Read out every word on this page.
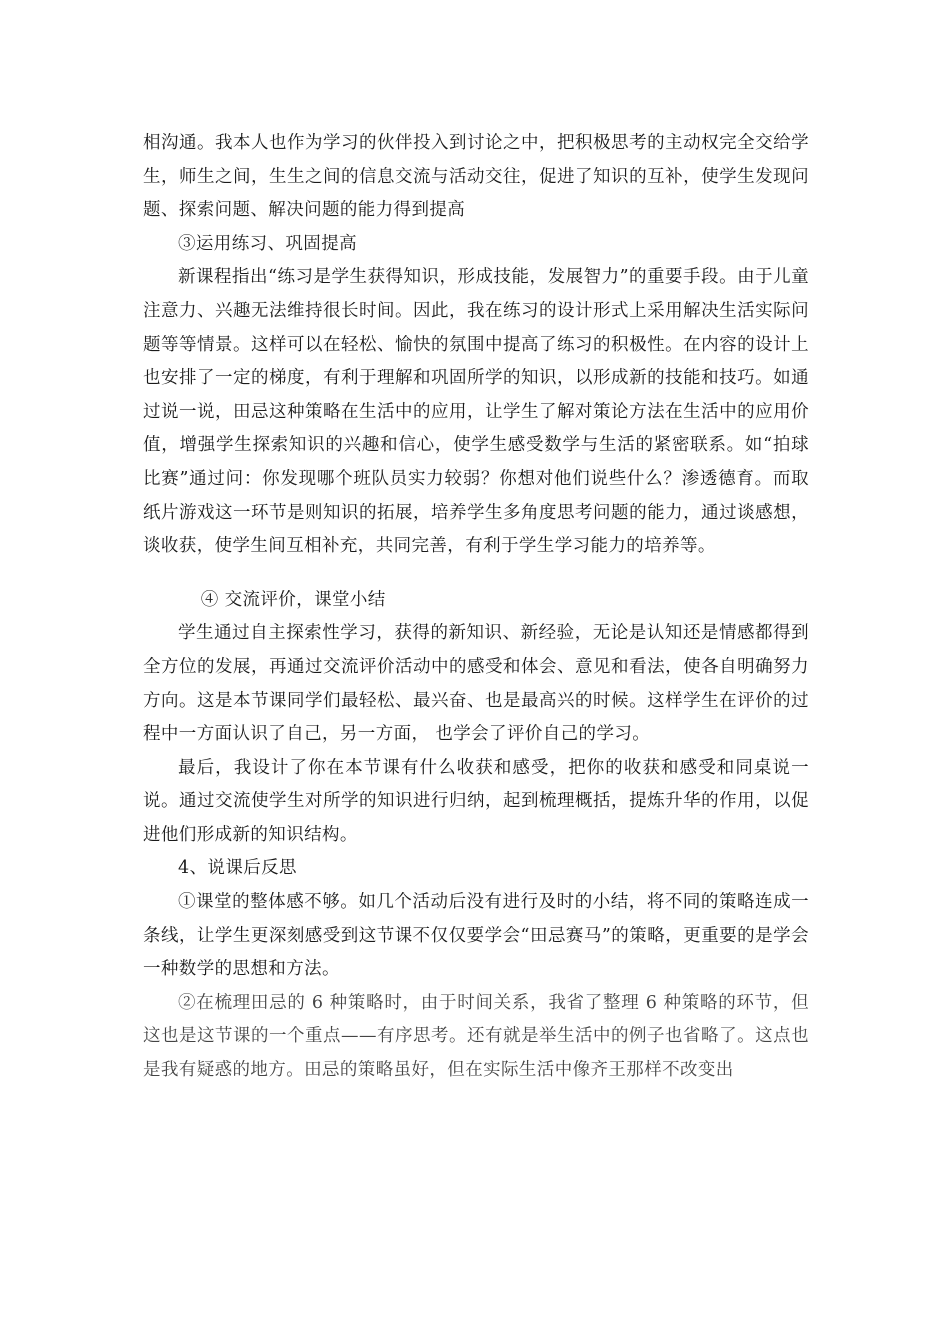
相沟通。我本人也作为学习的伙伴投入到讨论之中，把积极思考的主动权完全交给学生，师生之间，生生之间的信息交流与活动交往，促进了知识的互补，使学生发现问题、探索问题、解决问题的能力得到提高

③运用练习、巩固提高

新课程指出“练习是学生获得知识，形成技能，发展智力”的重要手段。由于儿童注意力、兴趣无法维持很长时间。因此，我在练习的设计形式上采用解决生活实际问题等等情景。这样可以在轻松、愉快的氛围中提高了练习的积极性。在内容的设计上也安排了一定的梯度，有利于理解和巩固所学的知识，以形成新的技能和技巧。如通过说一说，田忌这种策略在生活中的应用，让学生了解对策论方法在生活中的应用价值，增强学生探索知识的兴趣和信心，使学生感受数学与生活的紧密联系。如“拍球比赛”通过问：你发现哪个班队员实力较弱？你想对他们说些什么？渗透德育。而取纸片游戏这一环节是则知识的拓展，培养学生多角度思考问题的能力，通过谈感想，谈收获，使学生间互相补充，共同完善，有利于学生学习能力的培养等。

④ 交流评价，课堂小结

学生通过自主探索性学习，获得的新知识、新经验，无论是认知还是情感都得到全方位的发展，再通过交流评价活动中的感受和体会、意见和看法，使各自明确努力方向。这是本节课同学们最轻松、最兴奋、也是最高兴的时候。这样学生在评价的过程中一方面认识了自己，另一方面， 也学会了评价自己的学习。

最后，我设计了你在本节课有什么收获和感受，把你的收获和感受和同桌说一说。通过交流使学生对所学的知识进行归纳，起到梳理概括，提炼升华的作用，以促进他们形成新的知识结构。

4、说课后反思

①课堂的整体感不够。如几个活动后没有进行及时的小结，将不同的策略连成一条线，让学生更深刻感受到这节课不仅仅要学会“田忌赛马”的策略，更重要的是学会一种数学的思想和方法。

②在梳理田忌的 6 种策略时，由于时间关系，我省了整理 6 种策略的环节，但这也是这节课的一个重点——有序思考。还有就是举生活中的例子也省略了。这点也是我有疑惑的地方。田忌的策略虽好，但在实际生活中像齐王那样不改变出
